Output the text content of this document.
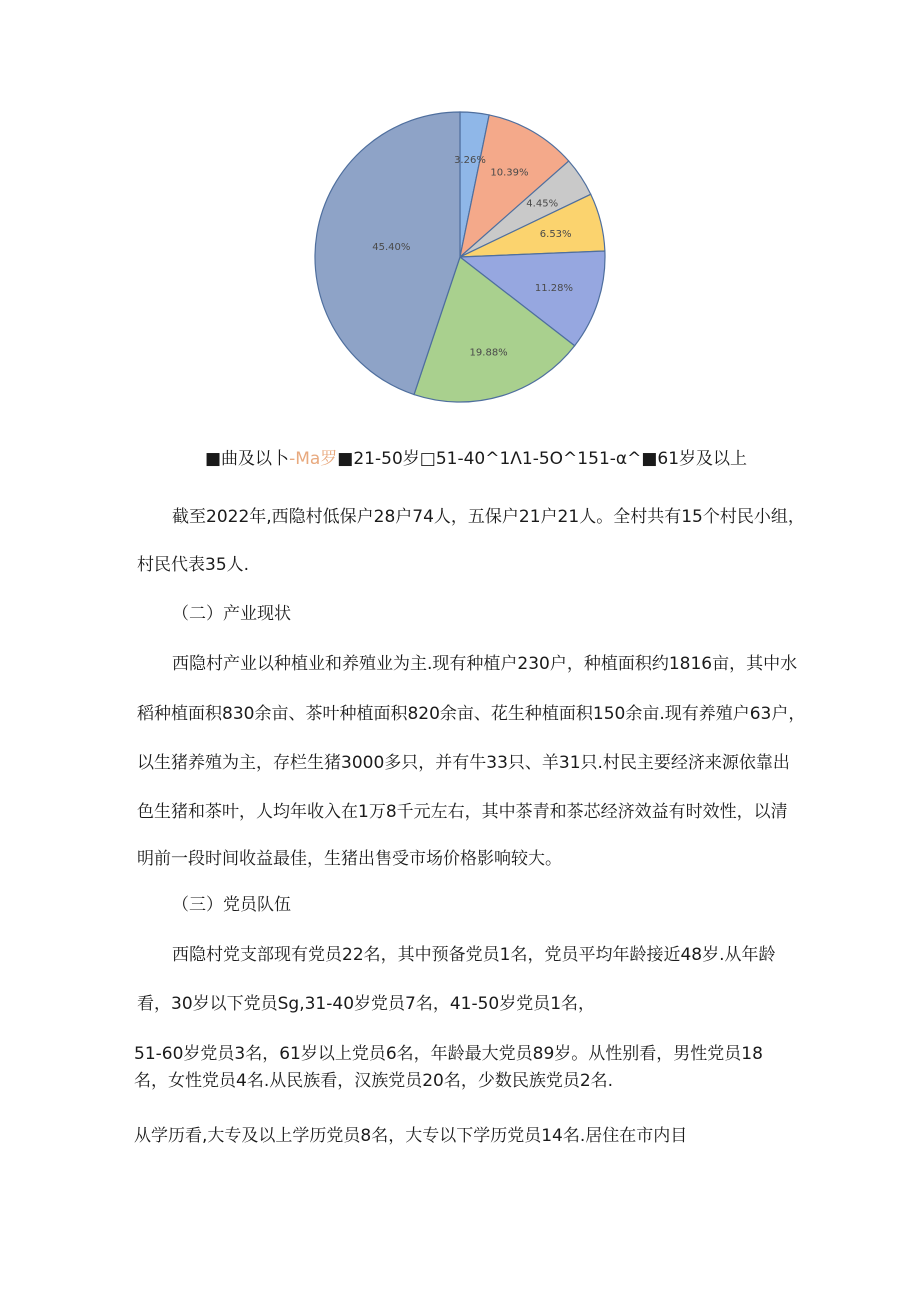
3.26%
10.39%
4.45%
6.53%
11.28%
19.88%
45.40%
■曲及以卜-Ma罗■21-50岁□51-40^1Λ1-5O^151-α^■61岁及以上
截至2022年,西隐村低保户28户74人，五保户21户21人。全村共有15个村民小组，
村民代表35人.
（二）产业现状
西隐村产业以种植业和养殖业为主.现有种植户230户，种植面积约1816亩，其中水
稻种植面积830余亩、茶叶种植面积820余亩、花生种植面积150余亩.现有养殖户63户，
以生猪养殖为主，存栏生猪3000多只，并有牛33只、羊31只.村民主要经济来源依靠出
色生猪和茶叶，人均年收入在1万8千元左右，其中茶青和茶芯经济效益有时效性，以清
明前一段时间收益最佳，生猪出售受市场价格影响较大。
（三）党员队伍
西隐村党支部现有党员22名，其中预备党员1名，党员平均年龄接近48岁.从年龄
看，30岁以下党员Sg,31-40岁党员7名，41-50岁党员1名，
51-60岁党员3名，61岁以上党员6名，年龄最大党员89岁。从性别看，男性党员18
名，女性党员4名.从民族看，汉族党员20名，少数民族党员2名.
从学历看,大专及以上学历党员8名，大专以下学历党员14名.居住在市内目
